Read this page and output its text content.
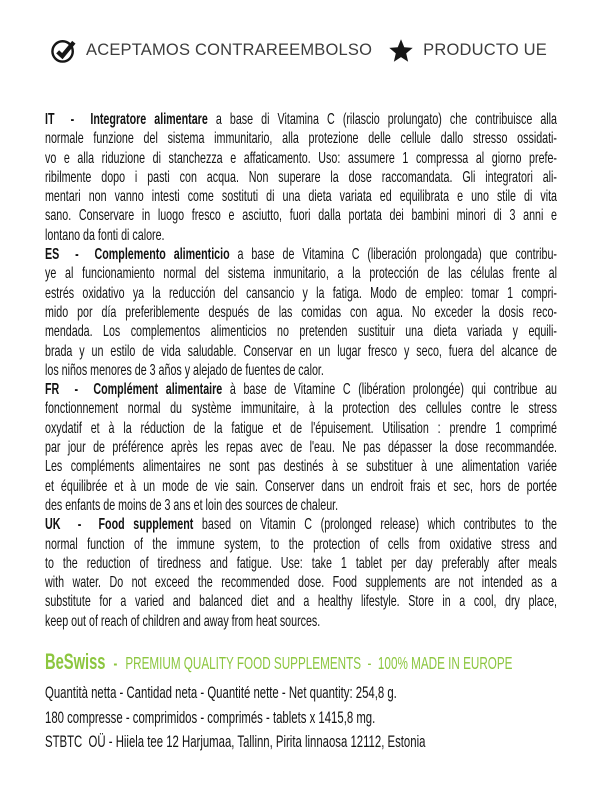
ACEPTAMOS CONTRAREEMBOLSO	PRODUCTO UE
IT  -  Integratore alimentare a base di Vitamina C (rilascio prolungato) che contribuisce alla
normale funzione del sistema immunitario, alla protezione delle cellule dallo stresso ossidati-
vo e alla riduzione di stanchezza e affaticamento. Uso: assumere 1 compressa al giorno prefe-
ribilmente dopo i pasti con acqua. Non superare la dose raccomandata. Gli integratori ali-
mentari non vanno intesti come sostituti di una dieta variata ed equilibrata e uno stile di vita
sano. Conservare in luogo fresco e asciutto, fuori dalla portata dei bambini minori di 3 anni e
lontano da fonti di calore.
ES  -  Complemento alimenticio a base de Vitamina C (liberación prolongada) que contribu-
ye al funcionamiento normal del sistema inmunitario, a la protección de las células frente al
estrés oxidativo ya la reducción del cansancio y la fatiga. Modo de empleo: tomar 1 compri-
mido por día preferiblemente después de las comidas con agua. No exceder la dosis reco-
mendada. Los complementos alimenticios no pretenden sustituir una dieta variada y equili-
brada y un estilo de vida saludable. Conservar en un lugar fresco y seco, fuera del alcance de
los niños menores de 3 años y alejado de fuentes de calor.
FR  -  Complément alimentaire à base de Vitamine C (libération prolongée) qui contribue au
fonctionnement normal du système immunitaire, à la protection des cellules contre le stress
oxydatif et à la réduction de la fatigue et de l'épuisement. Utilisation : prendre 1 comprimé
par jour de préférence après les repas avec de l'eau. Ne pas dépasser la dose recommandée.
Les compléments alimentaires ne sont pas destinés à se substituer à une alimentation variée
et équilibrée et à un mode de vie sain. Conserver dans un endroit frais et sec, hors de portée
des enfants de moins de 3 ans et loin des sources de chaleur.
UK  -  Food supplement based on Vitamin C (prolonged release) which contributes to the
normal function of the immune system, to the protection of cells from oxidative stress and
to the reduction of tiredness and fatigue. Use: take 1 tablet per day preferably after meals
with water. Do not exceed the recommended dose. Food supplements are not intended as a
substitute for a varied and balanced diet and a healthy lifestyle. Store in a cool, dry place,
keep out of reach of children and away from heat sources.
BeSwiss - PREMIUM QUALITY FOOD SUPPLEMENTS  -  100% MADE IN EUROPE
Quantità netta - Cantidad neta - Quantité nette - Net quantity: 254,8 g.
180 compresse - comprimidos - comprimés - tablets x 1415,8 mg.
STBTC  OÜ - Hiiela tee 12 Harjumaa, Tallinn, Pirita linnaosa 12112, Estonia
